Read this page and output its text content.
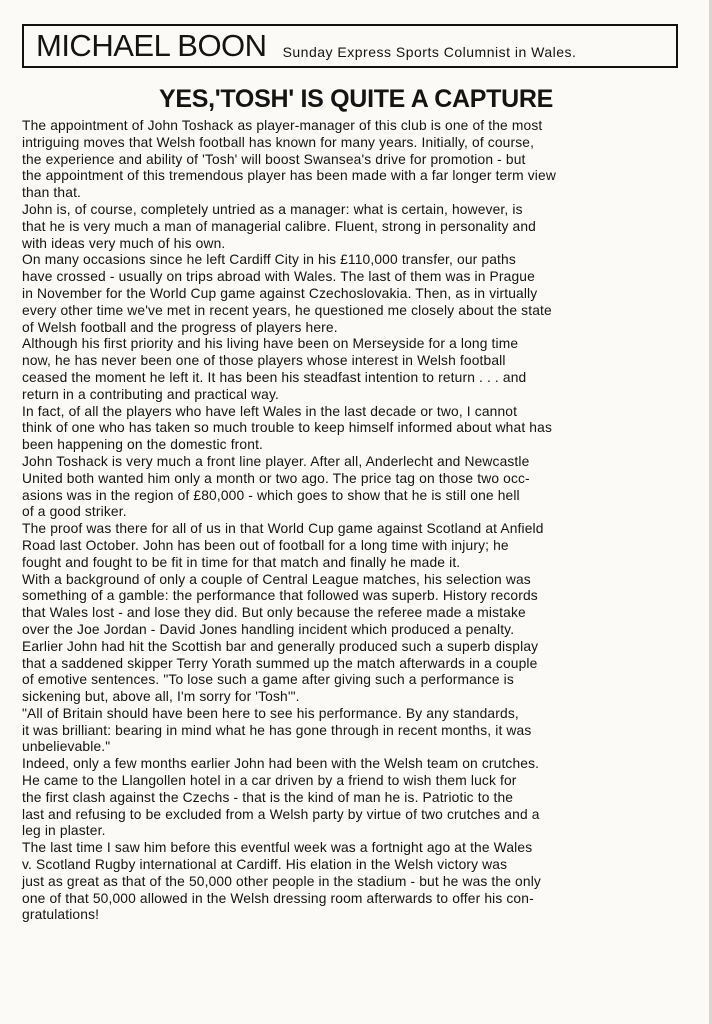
MICHAEL BOON Sunday Express Sports Columnist in Wales.
YES,'TOSH' IS QUITE A CAPTURE
The appointment of John Toshack as player-manager of this club is one of the most
intriguing moves that Welsh football has known for many years. Initially, of course,
the experience and ability of 'Tosh' will boost Swansea's drive for promotion - but
the appointment of this tremendous player has been made with a far longer term view
than that.
John is, of course, completely untried as a manager: what is certain, however, is
that he is very much a man of managerial calibre. Fluent, strong in personality and
with ideas very much of his own.
On many occasions since he left Cardiff City in his £110,000 transfer, our paths
have crossed - usually on trips abroad with Wales. The last of them was in Prague
in November for the World Cup game against Czechoslovakia. Then, as in virtually
every other time we've met in recent years, he questioned me closely about the state
of Welsh football and the progress of players here.
Although his first priority and his living have been on Merseyside for a long time
now, he has never been one of those players whose interest in Welsh football
ceased the moment he left it. It has been his steadfast intention to return . . . and
return in a contributing and practical way.
In fact, of all the players who have left Wales in the last decade or two, I cannot
think of one who has taken so much trouble to keep himself informed about what has
been happening on the domestic front.
John Toshack is very much a front line player. After all, Anderlecht and Newcastle
United both wanted him only a month or two ago. The price tag on those two occ-
asions was in the region of £80,000 - which goes to show that he is still one hell
of a good striker.
The proof was there for all of us in that World Cup game against Scotland at Anfield
Road last October. John has been out of football for a long time with injury; he
fought and fought to be fit in time for that match and finally he made it.
With a background of only a couple of Central League matches, his selection was
something of a gamble: the performance that followed was superb. History records
that Wales lost - and lose they did. But only because the referee made a mistake
over the Joe Jordan - David Jones handling incident which produced a penalty.
Earlier John had hit the Scottish bar and generally produced such a superb display
that a saddened skipper Terry Yorath summed up the match afterwards in a couple
of emotive sentences. "To lose such a game after giving such a performance is
sickening but, above all, I'm sorry for 'Tosh'".
"All of Britain should have been here to see his performance. By any standards,
it was brilliant: bearing in mind what he has gone through in recent months, it was
unbelievable."
Indeed, only a few months earlier John had been with the Welsh team on crutches.
He came to the Llangollen hotel in a car driven by a friend to wish them luck for
the first clash against the Czechs - that is the kind of man he is. Patriotic to the
last and refusing to be excluded from a Welsh party by virtue of two crutches and a
leg in plaster.
The last time I saw him before this eventful week was a fortnight ago at the Wales
v. Scotland Rugby international at Cardiff. His elation in the Welsh victory was
just as great as that of the 50,000 other people in the stadium - but he was the only
one of that 50,000 allowed in the Welsh dressing room afterwards to offer his con-
gratulations!
